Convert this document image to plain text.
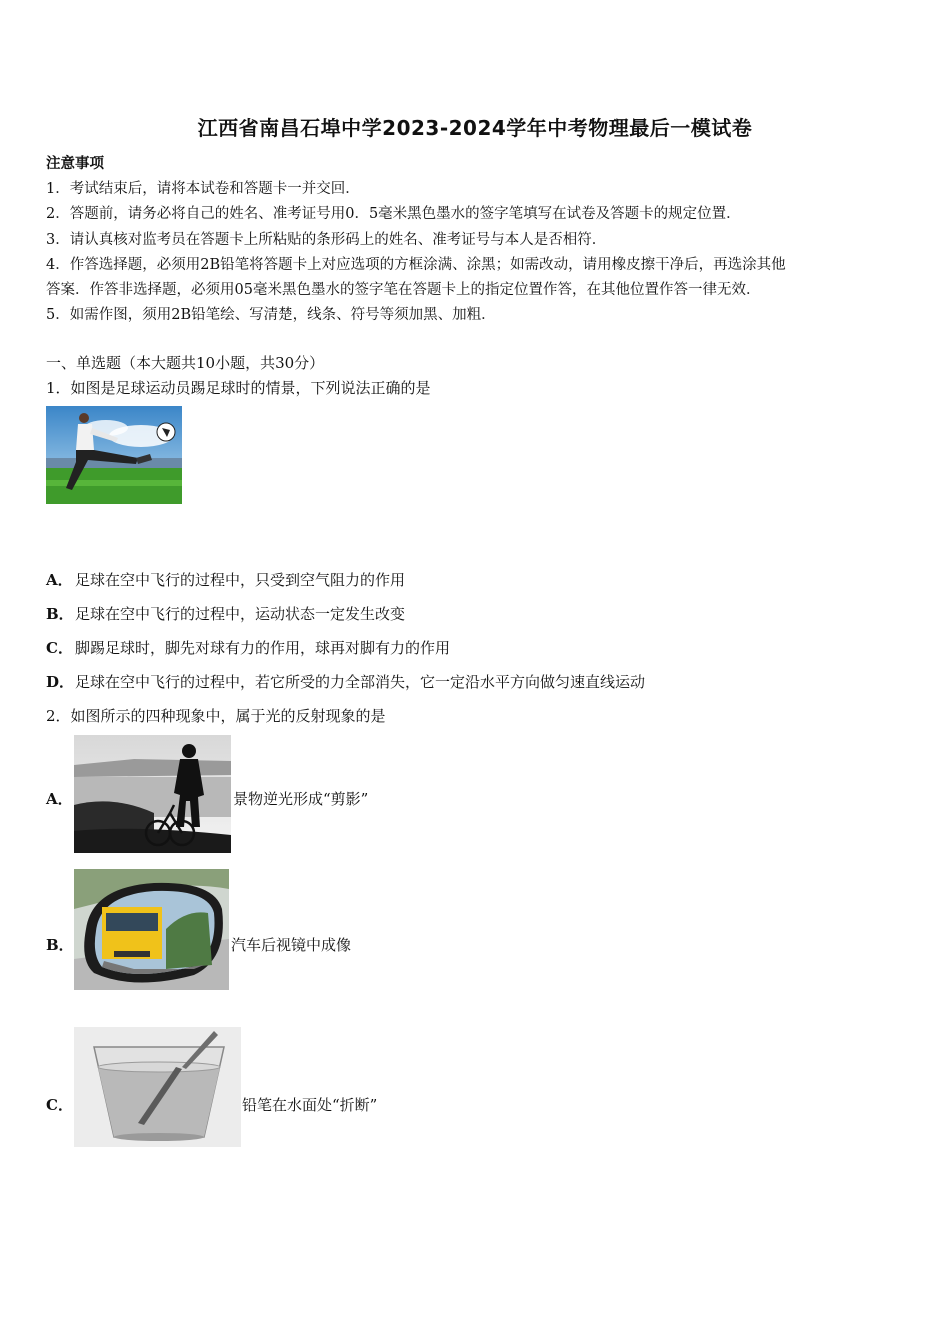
江西省南昌石埠中学2023-2024学年中考物理最后一模试卷
注意事项
1．考试结束后，请将本试卷和答题卡一并交回．
2．答题前，请务必将自己的姓名、准考证号用0．5毫米黑色墨水的签字笔填写在试卷及答题卡的规定位置．
3．请认真核对监考员在答题卡上所粘贴的条形码上的姓名、准考证号与本人是否相符．
4．作答选择题，必须用2B铅笔将答题卡上对应选项的方框涂满、涂黑；如需改动，请用橡皮擦干净后，再选涂其他
答案．作答非选择题，必须用05毫米黑色墨水的签字笔在答题卡上的指定位置作答，在其他位置作答一律无效．
5．如需作图，须用2B铅笔绘、写清楚，线条、符号等须加黑、加粗．
一、单选题（本大题共10小题，共30分）
1．如图是足球运动员踢足球时的情景，下列说法正确的是
A． 足球在空中飞行的过程中，只受到空气阻力的作用
B． 足球在空中飞行的过程中，运动状态一定发生改变
C． 脚踢足球时，脚先对球有力的作用，球再对脚有力的作用
D． 足球在空中飞行的过程中，若它所受的力全部消失，它一定沿水平方向做匀速直线运动
2．如图所示的四种现象中，属于光的反射现象的是
A．	景物逆光形成“剪影”
B．	汽车后视镜中成像
C．	铅笔在水面处“折断”
